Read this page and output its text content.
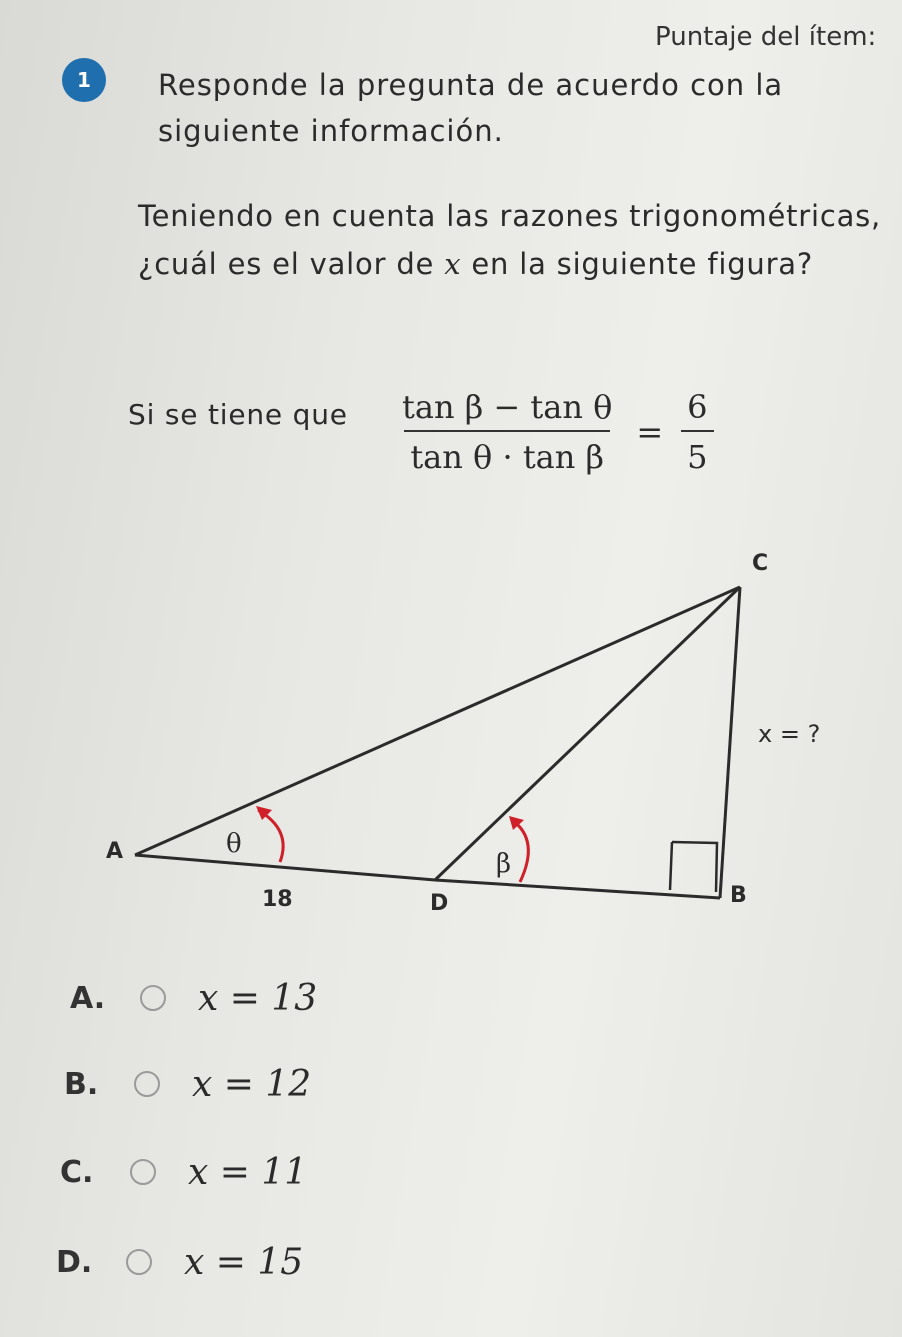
Puntaje del ítem:
1	Responde la pregunta de acuerdo con la siguiente información.
Teniendo en cuenta las razones trigonométricas, ¿cuál es el valor de x en la siguiente figura?
Si se tiene que $\frac{\text{tan β − tan θ}}{\text{tan θ · tan β}} = \frac{6}{5}$
A
B
C
D
θ
β
18
x = ?
A.	x = 13
B.	x = 12
C.	x = 11
D.	x = 15
